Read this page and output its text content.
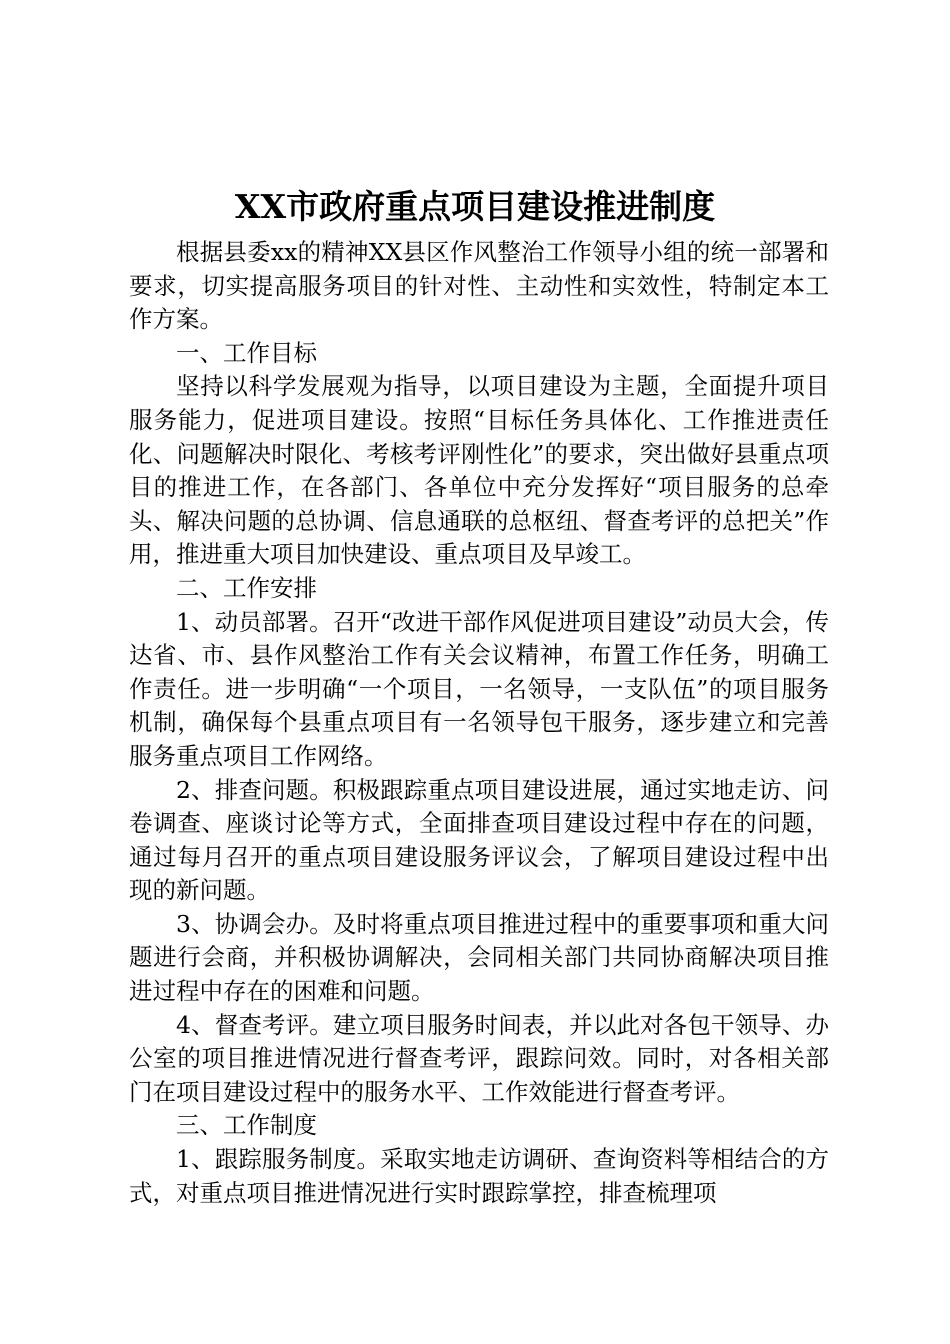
XX市政府重点项目建设推进制度

根据县委xx的精神XX县区作风整治工作领导小组的统一部署和要求，切实提高服务项目的针对性、主动性和实效性，特制定本工作方案。

一、工作目标

坚持以科学发展观为指导，以项目建设为主题，全面提升项目服务能力，促进项目建设。按照“目标任务具体化、工作推进责任化、问题解决时限化、考核考评刚性化”的要求，突出做好县重点项目的推进工作，在各部门、各单位中充分发挥好“项目服务的总牵头、解决问题的总协调、信息通联的总枢纽、督查考评的总把关”作用，推进重大项目加快建设、重点项目及早竣工。

二、工作安排

1、动员部署。召开“改进干部作风促进项目建设”动员大会，传达省、市、县作风整治工作有关会议精神，布置工作任务，明确工作责任。进一步明确“一个项目，一名领导，一支队伍”的项目服务机制，确保每个县重点项目有一名领导包干服务，逐步建立和完善服务重点项目工作网络。

2、排查问题。积极跟踪重点项目建设进展，通过实地走访、问卷调查、座谈讨论等方式，全面排查项目建设过程中存在的问题，通过每月召开的重点项目建设服务评议会，了解项目建设过程中出现的新问题。

3、协调会办。及时将重点项目推进过程中的重要事项和重大问题进行会商，并积极协调解决，会同相关部门共同协商解决项目推进过程中存在的困难和问题。

4、督查考评。建立项目服务时间表，并以此对各包干领导、办公室的项目推进情况进行督查考评，跟踪问效。同时，对各相关部门在项目建设过程中的服务水平、工作效能进行督查考评。

三、工作制度

1、跟踪服务制度。采取实地走访调研、查询资料等相结合的方式，对重点项目推进情况进行实时跟踪掌控，排查梳理项
